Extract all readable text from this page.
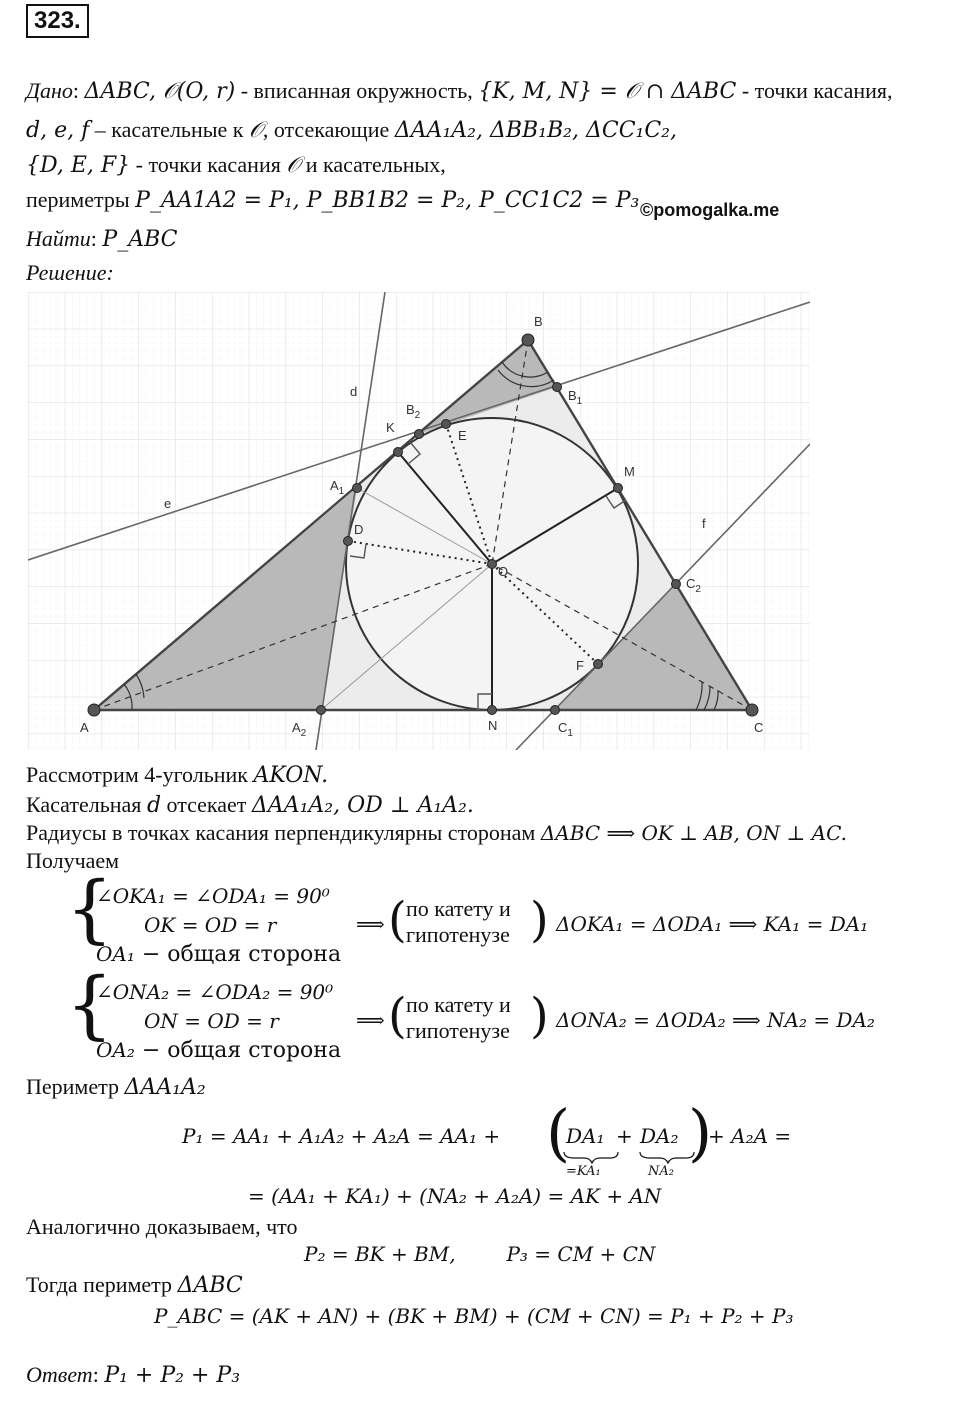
323.
Дано: ΔABC, 𝒪(O, r) - вписанная окружность, {K, M, N} = 𝒪 ∩ ΔABC - точки касания,
d, e, f – касательные к 𝒪, отсекающие ΔAA₁A₂, ΔBB₁B₂, ΔCC₁C₂,
{D, E, F} - точки касания 𝒪 и касательных,
периметры P_AA1A2 = P₁, P_BB1B2 = P₂, P_CC1C2 = P₃ ©pomogalka.me
Найти: P_ABC
Решение:
A
B
C
O
K
M
N
D
E
F
$A_1$
$A_2$
$B_1$
$B_2$
$C_1$
$C_2$
d
e
f
Рассмотрим 4-угольник AKON.
Касательная d отсекает ΔAA₁A₂, OD ⊥ A₁A₂.
Радиусы в точках касания перпендикулярны сторонам ΔABC ⟹ OK ⊥ AB, ON ⊥ AC.
Получаем
{
∠OKA₁ = ∠ODA₁ = 90⁰
OK = OD = r
OA₁ − общая сторона
⟹ ( по катету и
гипотенузе ) ΔOKA₁ = ΔODA₁ ⟹ KA₁ = DA₁
{
∠ONA₂ = ∠ODA₂ = 90⁰
ON = OD = r
OA₂ − общая сторона
⟹ ( по катету и
гипотенузе ) ΔONA₂ = ΔODA₂ ⟹ NA₂ = DA₂
Периметр ΔAA₁A₂
P₁ = AA₁ + A₁A₂ + A₂A = AA₁ + (
DA₁ + DA₂ )
+ A₂A =
=KA₁	NA₂
= (AA₁ + KA₁) + (NA₂ + A₂A) = AK + AN
Аналогично доказываем, что
P₂ = BK + BM,        P₃ = CM + CN
Тогда периметр ΔABC
P_ABC = (AK + AN) + (BK + BM) + (CM + CN) = P₁ + P₂ + P₃
Ответ: P₁ + P₂ + P₃
